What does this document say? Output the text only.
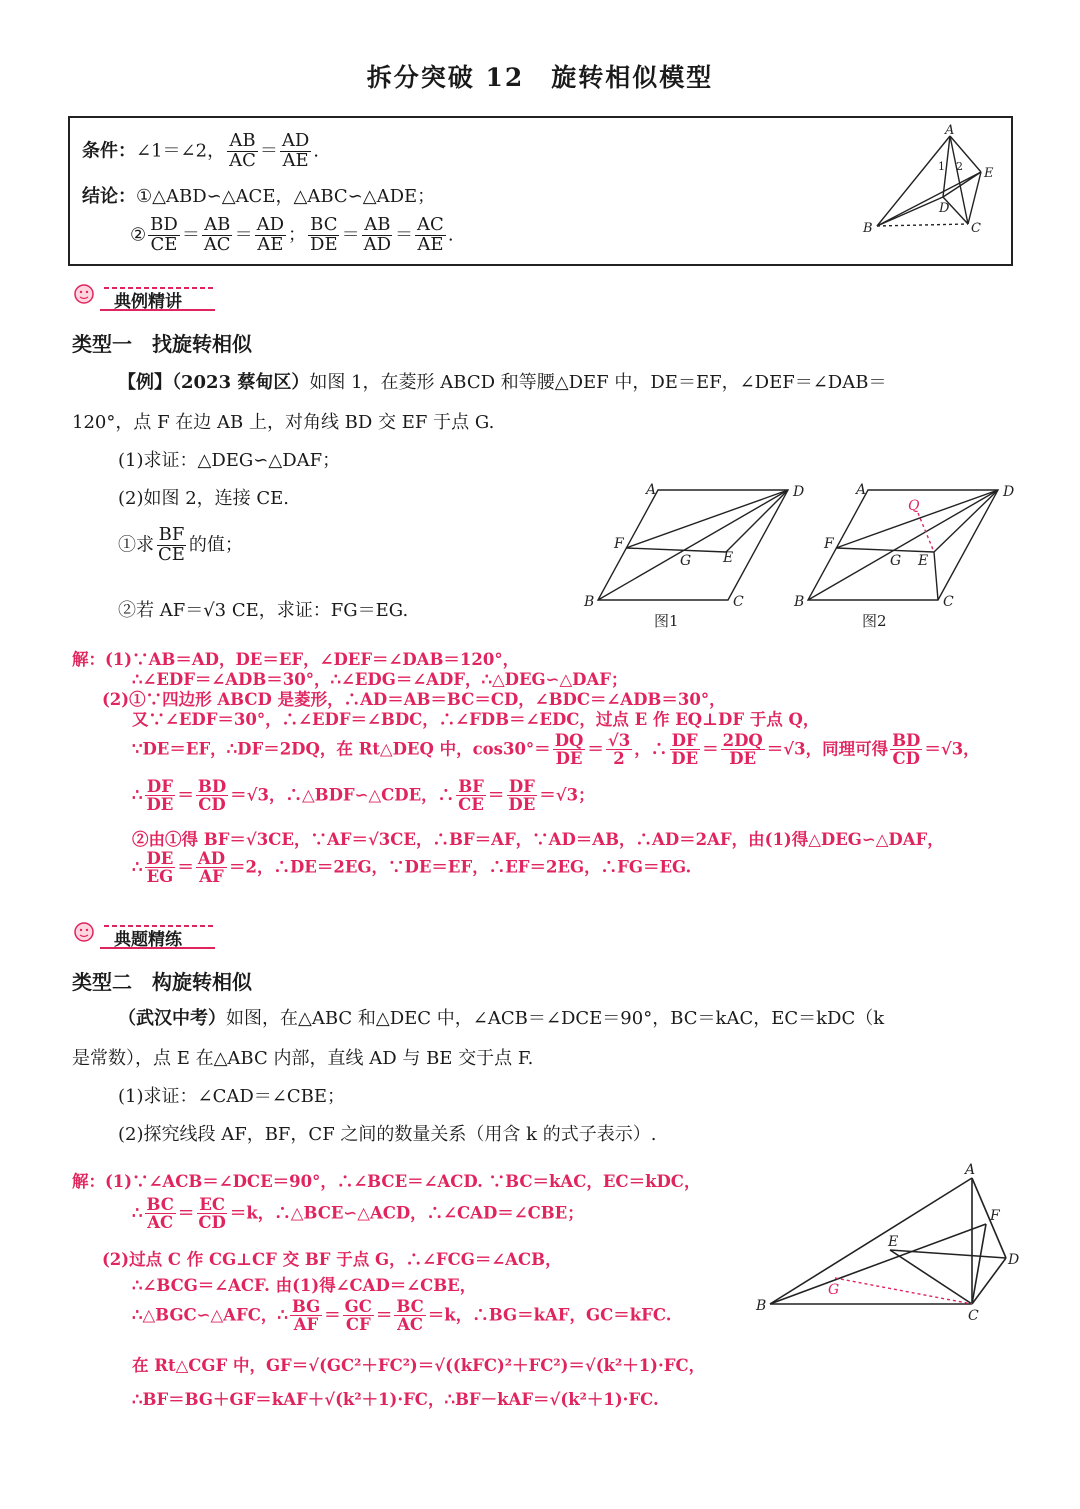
拆分突破 12　旋转相似模型
条件：∠1＝∠2， $\frac{AB}{AC} = \frac{AD}{AE}$ .
结论：①△ABD∽△ACE，△ABC∽△ADE；
② $\frac{BD}{CE} = \frac{AB}{AC} = \frac{AD}{AE}$ ； $\frac{BC}{DE} = \frac{AB}{AD} = \frac{AC}{AE}$ .
A
B	C
D
E
1 2
典例精讲
类型一　找旋转相似
【例】（2023 蔡甸区）如图 1，在菱形 ABCD 和等腰△DEF 中，DE＝EF，∠DEF＝∠DAB＝
120°，点 F 在边 AB 上，对角线 BD 交 EF 于点 G.
(1)求证：△DEG∽△DAF；
(2)如图 2，连接 CE.
①求 $\frac{BF}{CE}$ 的值；
②若 AF＝√3 CE，求证：FG＝EG.
A	D
F
G E
B	C
A	D
Q
F
G E
B	C
图1	图2
解：(1)∵AB＝AD，DE＝EF，∠DEF＝∠DAB＝120°，
∴∠EDF＝∠ADB＝30°，∴∠EDG＝∠ADF，∴△DEG∽△DAF；
(2)①∵四边形 ABCD 是菱形，∴AD＝AB＝BC＝CD，∠BDC＝∠ADB＝30°，
又∵∠EDF＝30°，∴∠EDF＝∠BDC，∴∠FDB＝∠EDC，过点 E 作 EQ⊥DF 于点 Q，
∵DE＝EF，∴DF＝2DQ，在 Rt△DEQ 中，$\cos 30^\circ= \frac{DQ}{DE} = \frac{√3}{2}$ ，∴ $\frac{DF}{DE} = \frac{2DQ}{DE} =√3$，同理可得 $\frac{BD}{CD} =√3$，
∴ $\frac{DF}{DE} = \frac{BD}{CD} =√3$，∴△BDF∽△CDE，∴ $\frac{BF}{CE} = \frac{DF}{DE} =√3$；
②由①得 BF＝√3CE，∵AF＝√3CE，∴BF＝AF，∵AD＝AB，∴AD＝2AF，由(1)得△DEG∽△DAF，
∴ $\frac{DE}{EG} = \frac{AD}{AF} =2$，∴DE＝2EG，∵DE＝EF，∴EF＝2EG，∴FG＝EG.
典题精练
类型二　构旋转相似
（武汉中考）如图，在△ABC 和△DEC 中，∠ACB＝∠DCE＝90°，BC＝kAC，EC＝kDC（k
是常数），点 E 在△ABC 内部，直线 AD 与 BE 交于点 F.
(1)求证：∠CAD＝∠CBE；
(2)探究线段 AF，BF，CF 之间的数量关系（用含 k 的式子表示）.
A
B
C
D
E
F
G
解：(1)∵∠ACB＝∠DCE＝90°，∴∠BCE＝∠ACD. ∵BC＝kAC，EC＝kDC，
∴ $\frac{BC}{AC} = \frac{EC}{CD} =k$，∴△BCE∽△ACD，∴∠CAD＝∠CBE；
(2)过点 C 作 CG⊥CF 交 BF 于点 G，∴∠FCG＝∠ACB，
∴∠BCG＝∠ACF. 由(1)得∠CAD＝∠CBE，
∴△BGC∽△AFC，∴ $\frac{BG}{AF} = \frac{GC}{CF} = \frac{BC}{AC} =k$，∴BG＝kAF，GC＝kFC.
在 Rt△CGF 中，GF＝√(GC²＋FC²)＝√((kFC)²＋FC²)＝√(k²＋1)·FC，
∴BF＝BG＋GF＝kAF＋√(k²＋1)·FC，∴BF－kAF＝√(k²＋1)·FC.
